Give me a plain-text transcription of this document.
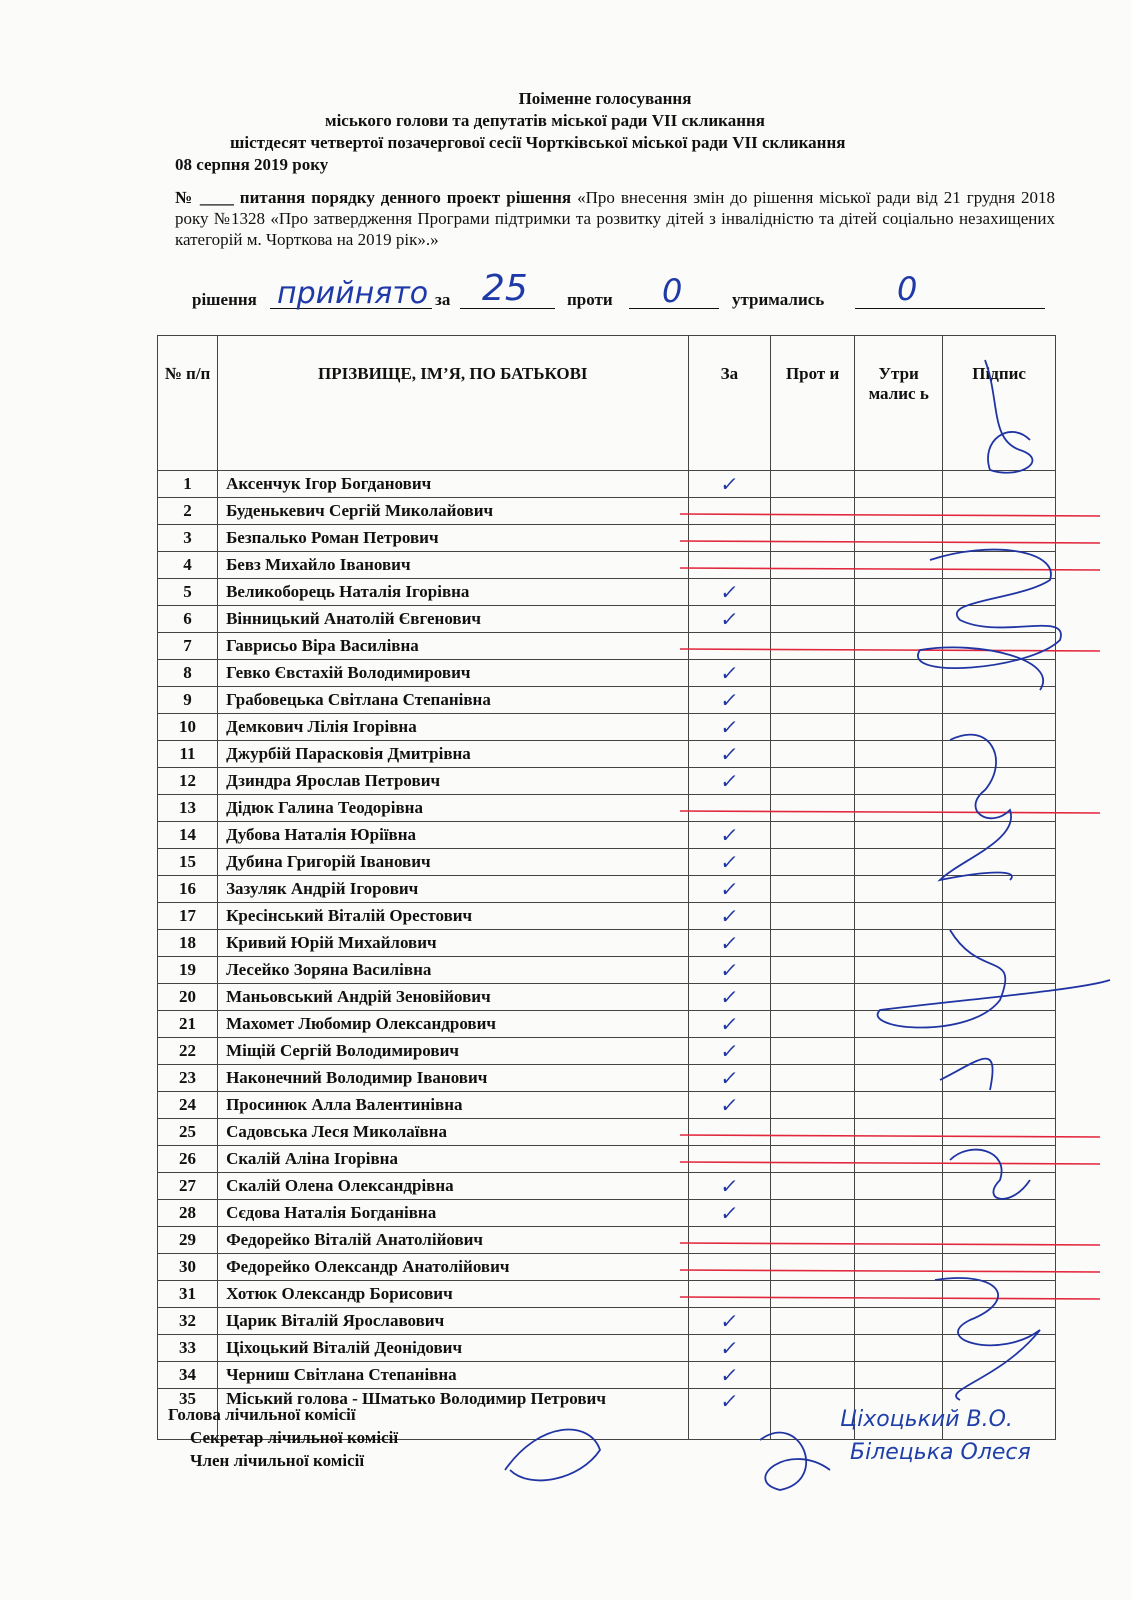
Поіменне голосування
міського голови та депутатів міської ради VII скликання
шістдесят четвертої позачергової сесії Чортківської міської ради VII скликання
08 серпня 2019 року
№ ____ питання порядку денного проект рішення «Про внесення змін до рішення міської ради від 21 грудня 2018 року №1328 «Про затвердження Програми підтримки та розвитку дітей з інвалідністю та дітей соціально незахищених категорій м. Чорткова на 2019 рік».»
рішення прийнято за 25 проти 0	утримались 0
№ п/п	ПРІЗВИЩЕ, ІМ’Я, ПО БАТЬКОВІ	За	Прот и	Утри малис ь	Підпис
1	Аксенчук Ігор Богданович	✓			
2	Буденькевич Сергій Миколайович				
3	Безпалько Роман Петрович				
4	Бевз Михайло Іванович				
5	Великоборець Наталія Ігорівна	✓			
6	Вінницький Анатолій Євгенович	✓			
7	Гаврисьо Віра Василівна				
8	Гевко Євстахій Володимирович	✓			
9	Грабовецька Світлана Степанівна	✓			
10	Демкович Лілія Ігорівна	✓			
11	Джурбій Парасковія Дмитрівна	✓			
12	Дзиндра Ярослав Петрович	✓			
13	Дідюк Галина Теодорівна				
14	Дубова Наталія Юріївна	✓			
15	Дубина Григорій Іванович	✓			
16	Зазуляк Андрій Ігорович	✓			
17	Кресінський Віталій Орестович	✓			
18	Кривий Юрій Михайлович	✓			
19	Лесейко Зоряна Василівна	✓			
20	Маньовський Андрій Зеновійович	✓			
21	Махомет Любомир Олександрович	✓			
22	Міщій Сергій Володимирович	✓			
23	Наконечний Володимир Іванович	✓			
24	Просинюк Алла Валентинівна	✓			
25	Садовська Леся Миколаївна				
26	Скалій Аліна Ігорівна				
27	Скалій Олена Олександрівна	✓			
28	Сєдова Наталія Богданівна	✓			
29	Федорейко Віталій Анатолійович				
30	Федорейко Олександр Анатолійович				
31	Хотюк Олександр Борисович				
32	Царик Віталій Ярославович	✓			
33	Ціхоцький Віталій Деонідович	✓			
34	Черниш Світлана Степанівна	✓			
35	Міський голова - Шматько Володимир Петрович	✓			
Голова лічильної комісії
Секретар лічильної комісії
Член лічильної комісії
Ціхоцький В.О.
Білецька Олеся
